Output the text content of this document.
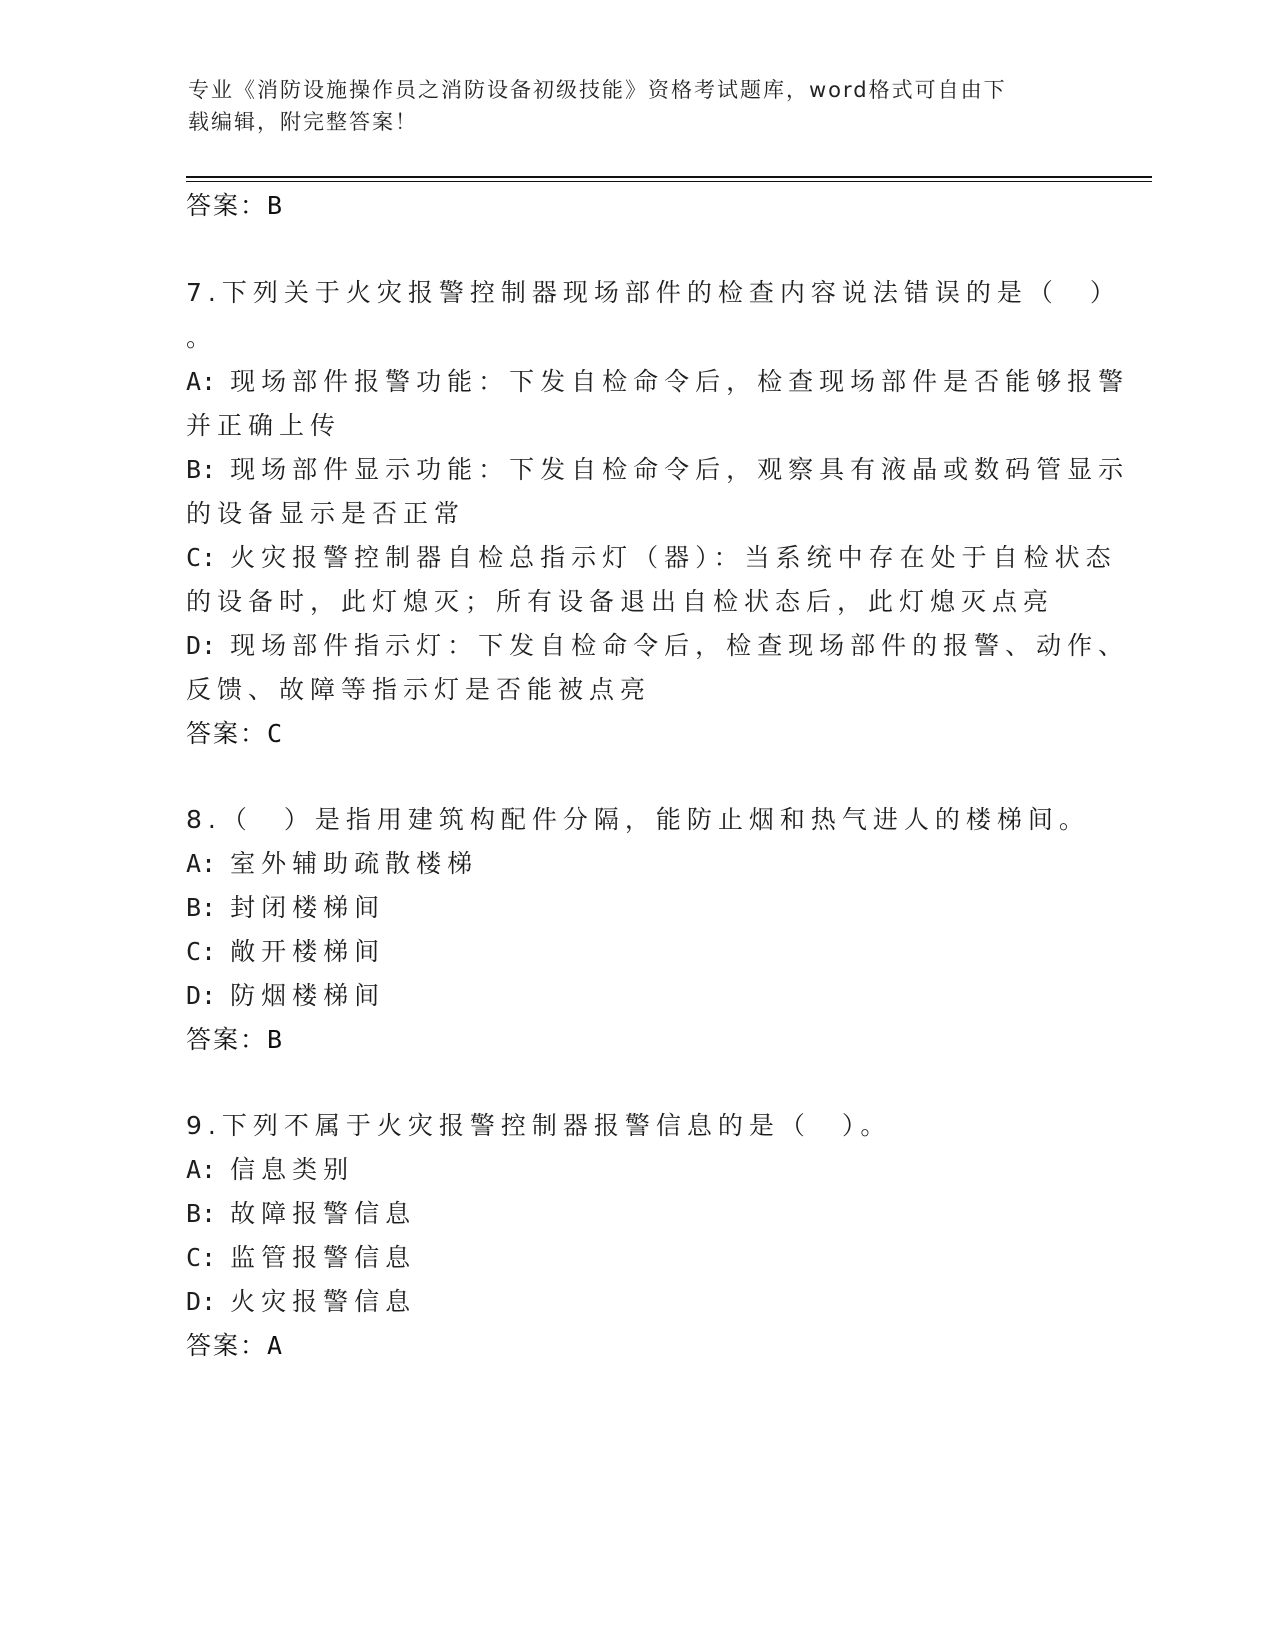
专业《消防设施操作员之消防设备初级技能》资格考试题库，word格式可自由下
载编辑，附完整答案！
答案：B
7.下列关于火灾报警控制器现场部件的检查内容说法错误的是（　）
。
A: 现场部件报警功能：下发自检命令后，检查现场部件是否能够报警
并正确上传
B: 现场部件显示功能：下发自检命令后，观察具有液晶或数码管显示
的设备显示是否正常
C: 火灾报警控制器自检总指示灯（器）：当系统中存在处于自检状态
的设备时，此灯熄灭；所有设备退出自检状态后，此灯熄灭点亮
D: 现场部件指示灯：下发自检命令后，检查现场部件的报警、动作、
反馈、故障等指示灯是否能被点亮
答案：C
8.（　）是指用建筑构配件分隔，能防止烟和热气进人的楼梯间。
A: 室外辅助疏散楼梯
B: 封闭楼梯间
C: 敞开楼梯间
D: 防烟楼梯间
答案：B
9.下列不属于火灾报警控制器报警信息的是（　）。
A: 信息类别
B: 故障报警信息
C: 监管报警信息
D: 火灾报警信息
答案：A
